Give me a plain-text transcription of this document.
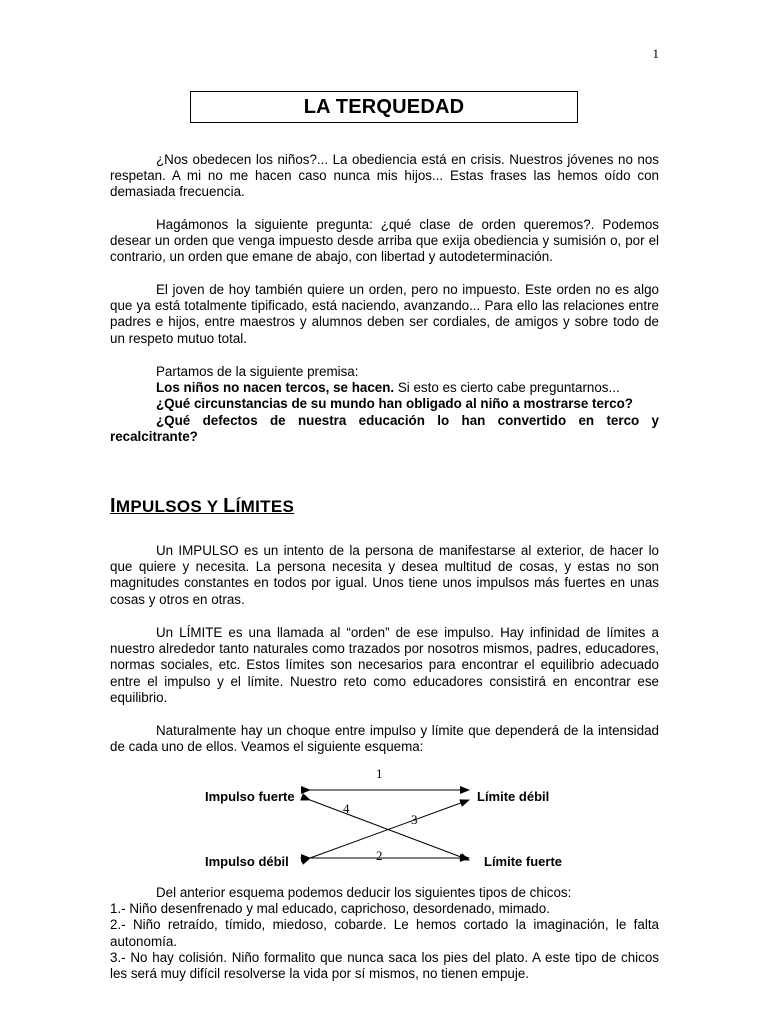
1
LA TERQUEDAD

¿Nos obedecen los niños?... La obediencia está en crisis. Nuestros jóvenes no nos respetan. A mi no me hacen caso nunca mis hijos... Estas frases las hemos oído con demasiada frecuencia.

Hagámonos la siguiente pregunta: ¿qué clase de orden queremos?. Podemos desear un orden que venga impuesto desde arriba que exija obediencia y sumisión o, por el contrario, un orden que emane de abajo, con libertad y autodeterminación.

El joven de hoy también quiere un orden, pero no impuesto. Este orden no es algo que ya está totalmente tipificado, está naciendo, avanzando... Para ello las relaciones entre padres e hijos, entre maestros y alumnos deben ser cordiales, de amigos y sobre todo de un respeto mutuo total.

Partamos de la siguiente premisa:

Los niños no nacen tercos, se hacen. Si esto es cierto cabe preguntarnos...

¿Qué circunstancias de su mundo han obligado al niño a mostrarse terco?

¿Qué defectos de nuestra educación lo han convertido en terco y recalcitrante?

IMPULSOS Y LÍMITES

Un IMPULSO es un intento de la persona de manifestarse al exterior, de hacer lo que quiere y necesita. La persona necesita y desea multitud de cosas, y estas no son magnitudes constantes en todos por igual. Unos tiene unos impulsos más fuertes en unas cosas y otros en otras.

Un LÍMITE es una llamada al “orden” de ese impulso. Hay infinidad de límites a nuestro alrededor tanto naturales como trazados por nosotros mismos, padres, educadores, normas sociales, etc. Estos límites son necesarios para encontrar el equilibrio adecuado entre el impulso y el límite. Nuestro reto como educadores consistirá en encontrar ese equilibrio.

Naturalmente hay un choque entre impulso y límite que dependerá de la intensidad de cada uno de ellos. Veamos el siguiente esquema:

Impulso fuerte	Límite débil
Impulso débil	Límite fuerte
1
2
3
4

Del anterior esquema podemos deducir los siguientes tipos de chicos:

1.- Niño desenfrenado y mal educado, caprichoso, desordenado, mimado.

2.- Niño retraído, tímido, miedoso, cobarde. Le hemos cortado la imaginación, le falta autonomía.

3.- No hay colisión. Niño formalito que nunca saca los pies del plato. A este tipo de chicos les será muy difícil resolverse la vida por sí mismos, no tienen empuje.
